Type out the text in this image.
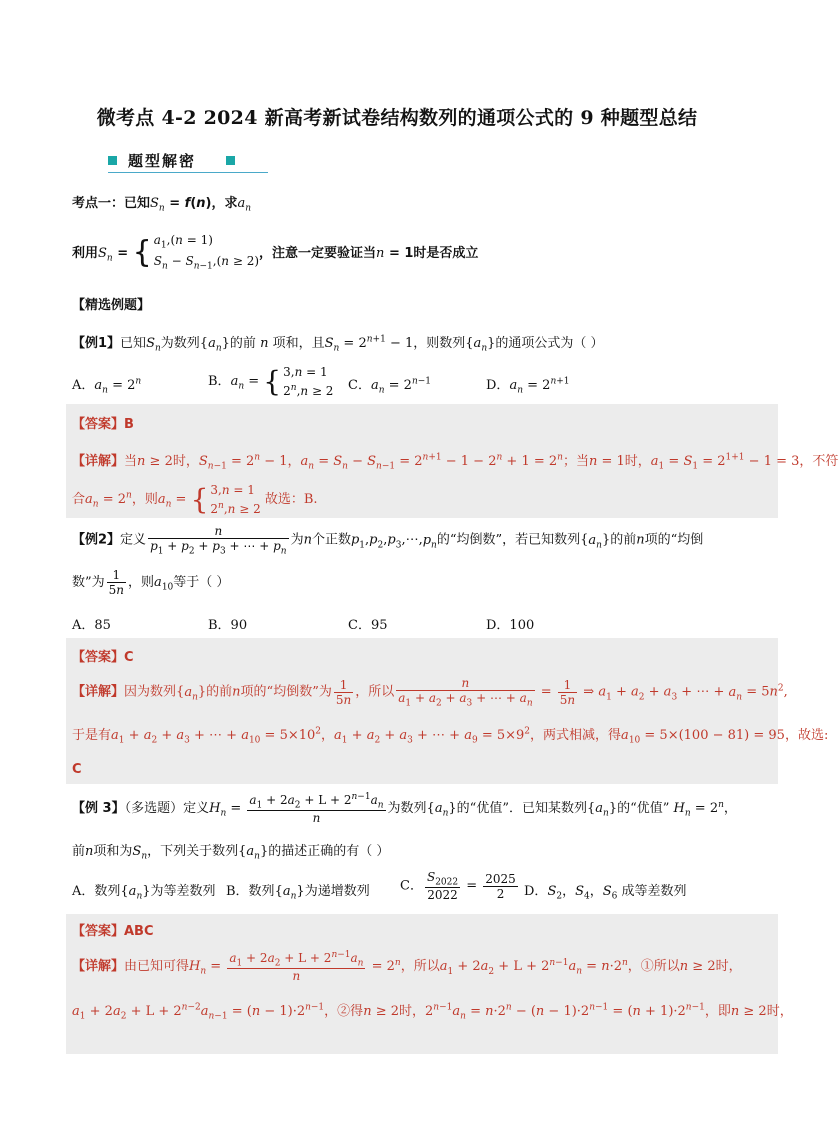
微考点 4-2 2024 新高考新试卷结构数列的通项公式的 9 种题型总结
题型解密
考点一：已知$S_n = f(n)$，求$a_n$
利用$S_n$ = { $a_1,(n = 1)$
$S_n - S_{n-1},(n \ge 2)$，注意一定要验证当n = 1时是否成立
【精选例题】
【例1】已知$S_n$为数列$\{a_n\}$的前 n 项和，且$S_n = 2^{n+1} - 1$，则数列$\{a_n\}$的通项公式为（ ）
A．$a_n = 2^n$	B．$a_n$ = { 3,n = 1
$2^n,n \ge 2$ C．$a_n = 2^{n-1}$	D．$a_n = 2^{n+1}$
【答案】B
【详解】当n ≥ 2时，$S_{n-1} = 2^n - 1$，$a_n = S_n - S_{n-1} = 2^{n+1} - 1 - 2^n + 1 = 2^n$；当n = 1时，$a_1 = S_1 = 2^{1+1} - 1 = 3$，不符
合$a_n = 2^n$，则$a_n$ = { 3,n = 1
$2^n,n \ge 2$ 故选：B.
【例2】定义 $\frac{n}{p_1 + p_2 + p_3 + \cdots + p_n}$ 为n个正数$p_1,p_2,p_3,\cdots,p_n$的“均倒数”，若已知数列$\{a_n\}$的前n项的“均倒
数”为 $\frac{1}{5n}$ ，则$a_{10}$等于（ ）
A．85	B．90	C．95	D．100
【答案】C
【详解】因为数列$\{a_n\}$的前n项的“均倒数”为 $\frac{1}{5n}$ ，所以 $\frac{n}{a_1 + a_2 + a_3 + \cdots + a_n} = \frac{1}{5n}$ ⇒ $a_1 + a_2 + a_3$ + ⋯ + $a_n = 5n^2$,
于是有$a_1 + a_2 + a_3$ + ⋯ + $a_{10} = 5\times 10^2$，$a_1 + a_2 + a_3$ + ⋯ + $a_9 = 5\times 9^2$，两式相减，得$a_{10} = 5\times(100 - 81) = 95$，故选:
C
【例 3】（多选题）定义$H_n = \frac{a_1 + 2a_2 + L + 2^{n-1}a_n}{n}$ 为数列$\{a_n\}$的“优值”．已知某数列$\{a_n\}$的“优值” $H_n = 2^n$，
前n项和为$S_n$，下列关于数列$\{a_n\}$的描述正确的有（ ）
A．数列$\{a_n\}$为等差数列 B．数列$\{a_n\}$为递增数列 C． $\frac{S_{2022}}{2022} = \frac{2025}{2}$ D．$S_2$，$S_4$，$S_6$ 成等差数列
【答案】ABC
【详解】由已知可得$H_n = \frac{a_1 + 2a_2 + L + 2^{n-1}a_n}{n} = 2^n$，所以$a_1 + 2a_2 + L + 2^{n-1}a_n = n\cdot 2^n$，①所以n ≥ 2时，
$a_1 + 2a_2 + L + 2^{n-2}a_{n-1} = (n - 1)\cdot 2^{n-1}$，②得n ≥ 2时，$2^{n-1}a_n = n\cdot 2^n - (n - 1)\cdot 2^{n-1} = (n + 1)\cdot 2^{n-1}$，即n ≥ 2时，
